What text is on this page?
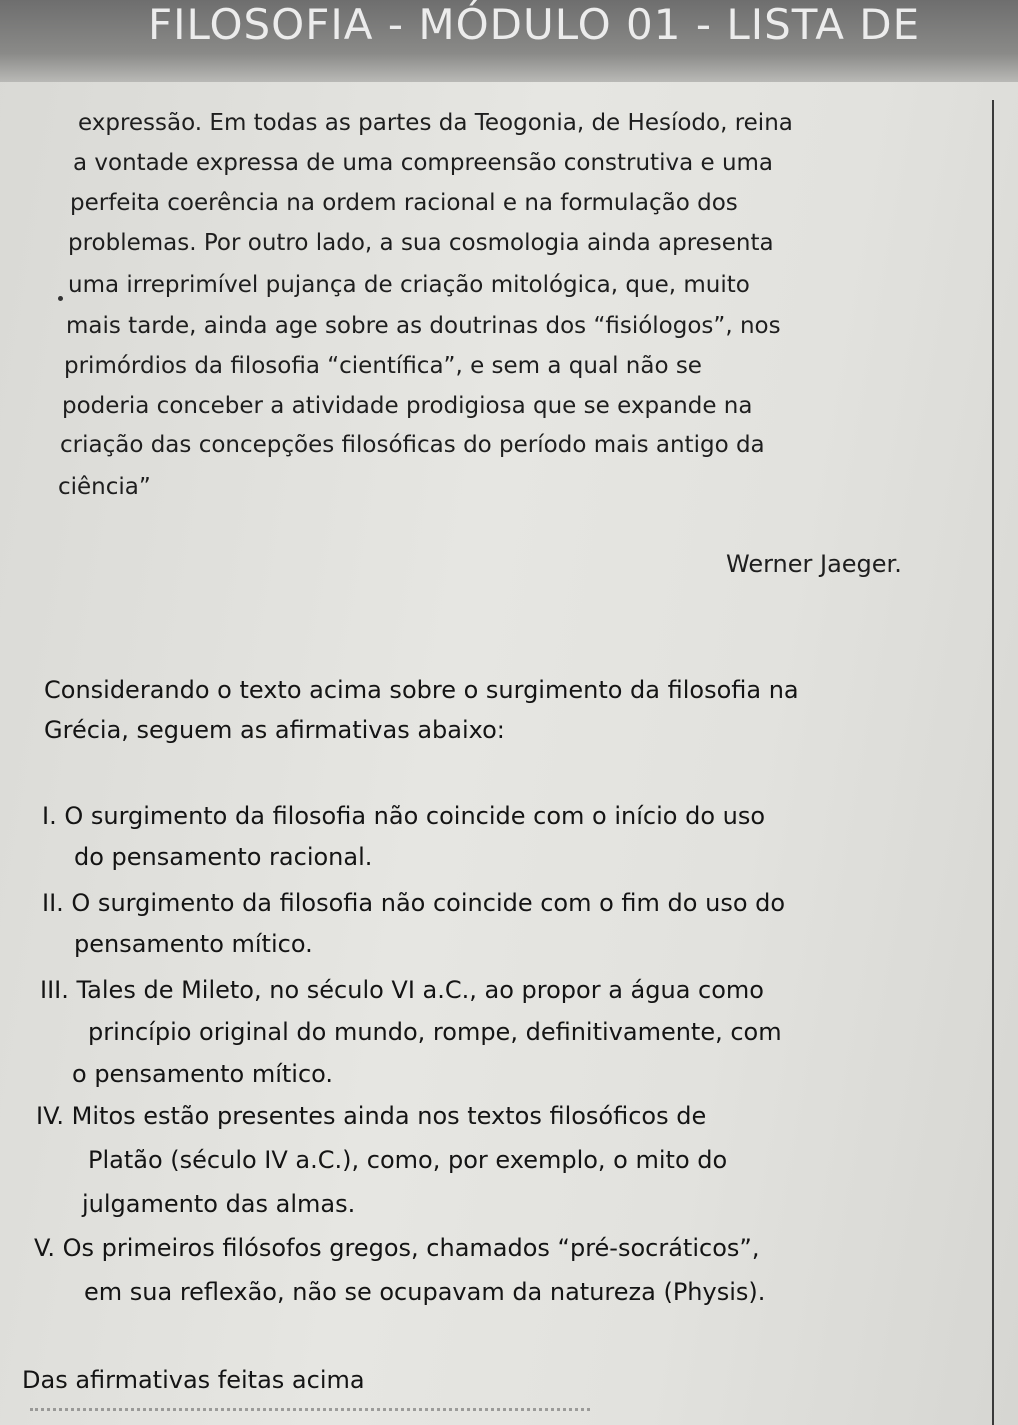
FILOSOFIA - MÓDULO 01 - LISTA DE
expressão. Em todas as partes da Teogonia, de Hesíodo, reina
a vontade expressa de uma compreensão construtiva e uma
perfeita coerência na ordem racional e na formulação dos
problemas. Por outro lado, a sua cosmologia ainda apresenta
uma irreprimível pujança de criação mitológica, que, muito
mais tarde, ainda age sobre as doutrinas dos “fisiólogos”, nos
primórdios da filosofia “científica”, e sem a qual não se
poderia conceber a atividade prodigiosa que se expande na
criação das concepções filosóficas do período mais antigo da
ciência”
Werner Jaeger.
Considerando o texto acima sobre o surgimento da filosofia na
Grécia, seguem as afirmativas abaixo:
I. O surgimento da filosofia não coincide com o início do uso
do pensamento racional.
II. O surgimento da filosofia não coincide com o fim do uso do
pensamento mítico.
III. Tales de Mileto, no século VI a.C., ao propor a água como
princípio original do mundo, rompe, definitivamente, com
o pensamento mítico.
IV. Mitos estão presentes ainda nos textos filosóficos de
Platão (século IV a.C.), como, por exemplo, o mito do
julgamento das almas.
V. Os primeiros filósofos gregos, chamados “pré-socráticos”,
em sua reflexão, não se ocupavam da natureza (Physis).
Das afirmativas feitas acima
